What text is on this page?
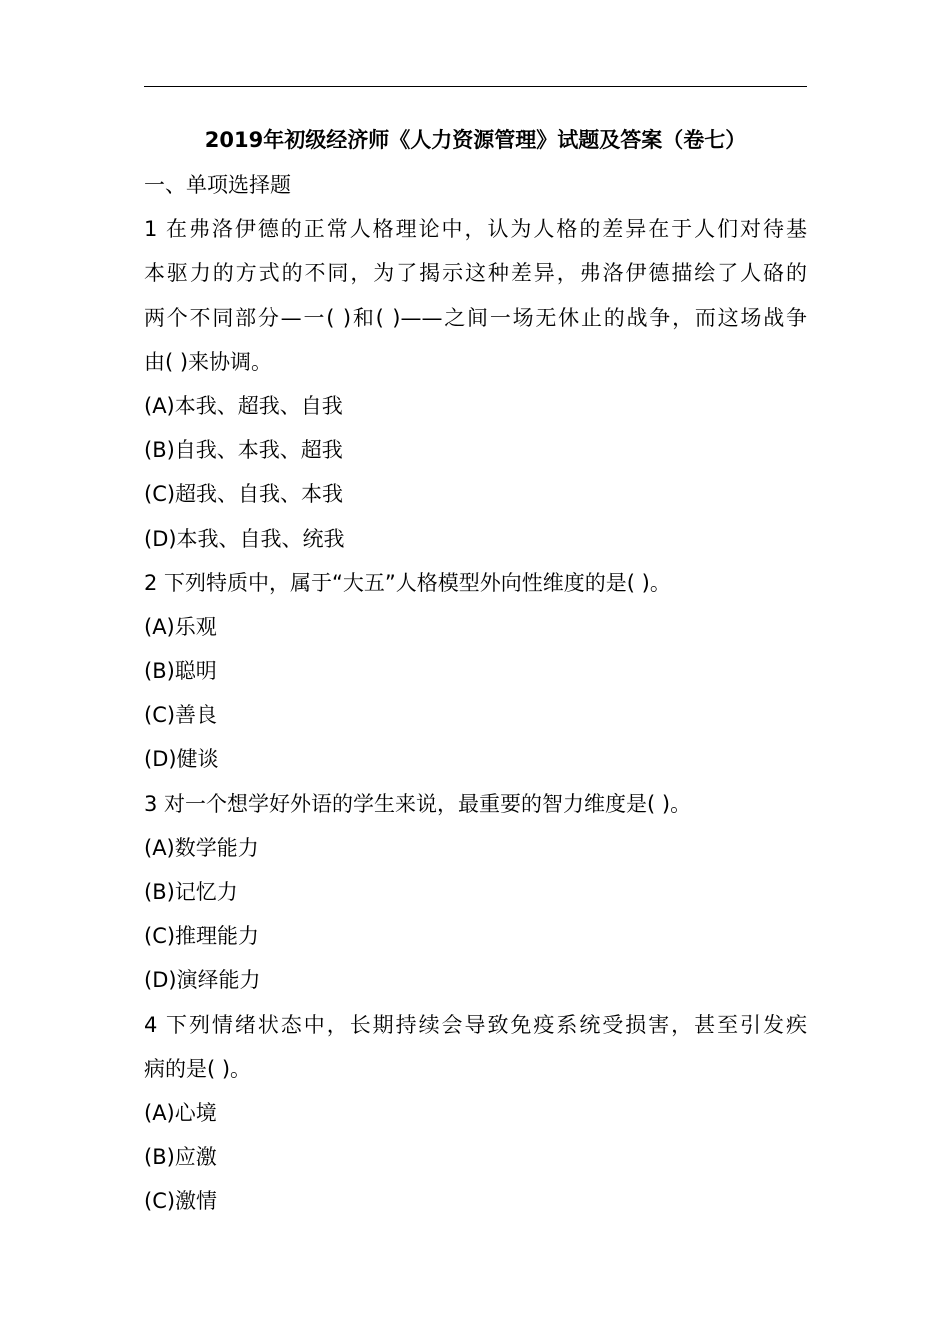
2019年初级经济师《人力资源管理》试题及答案（卷七）
一、单项选择题
1 在弗洛伊德的正常人格理论中，认为人格的差异在于人们对待基
本驱力的方式的不同，为了揭示这种差异，弗洛伊德描绘了人硌的
两个不同部分—一( )和( )——之间一场无休止的战争，而这场战争
由( )来协调。
(A)本我、超我、自我
(B)自我、本我、超我
(C)超我、自我、本我
(D)本我、自我、统我
2 下列特质中，属于“大五”人格模型外向性维度的是( )。
(A)乐观
(B)聪明
(C)善良
(D)健谈
3 对一个想学好外语的学生来说，最重要的智力维度是( )。
(A)数学能力
(B)记忆力
(C)推理能力
(D)演绎能力
4 下列情绪状态中，长期持续会导致免疫系统受损害，甚至引发疾
病的是( )。
(A)心境
(B)应激
(C)激情
